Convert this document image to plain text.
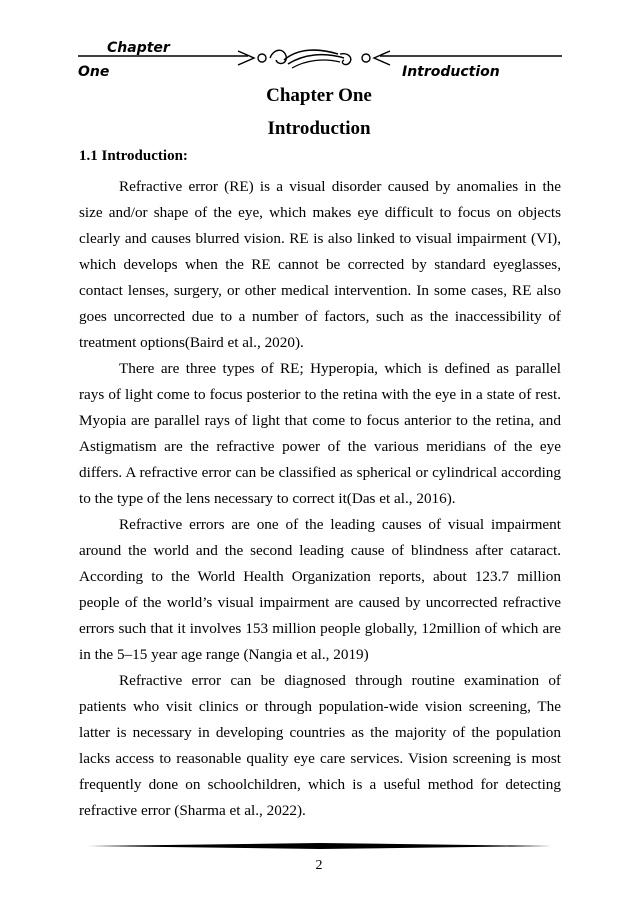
Chapter
One	Introduction
Chapter One
Introduction
1.1 Introduction:

Refractive error (RE) is a visual disorder caused by anomalies in the size and/or shape of the eye, which makes eye difficult to focus on objects clearly and causes blurred vision. RE is also linked to visual impairment (VI), which develops when the RE cannot be corrected by standard eyeglasses, contact lenses, surgery, or other medical intervention. In some cases, RE also goes uncorrected due to a number of factors, such as the inaccessibility of treatment options(Baird et al., 2020).

There are three types of RE; Hyperopia, which is defined as parallel rays of light come to focus posterior to the retina with the eye in a state of rest. Myopia are parallel rays of light that come to focus anterior to the retina, and Astigmatism are the refractive power of the various meridians of the eye differs. A refractive error can be classified as spherical or cylindrical according to the type of the lens necessary to correct it(Das et al., 2016).

Refractive errors are one of the leading causes of visual impairment around the world and the second leading cause of blindness after cataract. According to the World Health Organization reports, about 123.7 million people of the world’s visual impairment are caused by uncorrected refractive errors such that it involves 153 million people globally, 12million of which are in the 5–15 year age range (Nangia et al., 2019)

Refractive error can be diagnosed through routine examination of patients who visit clinics or through population-wide vision screening, The latter is necessary in developing countries as the majority of the population lacks access to reasonable quality eye care services. Vision screening is most frequently done on schoolchildren, which is a useful method for detecting refractive error (Sharma et al., 2022).

2
